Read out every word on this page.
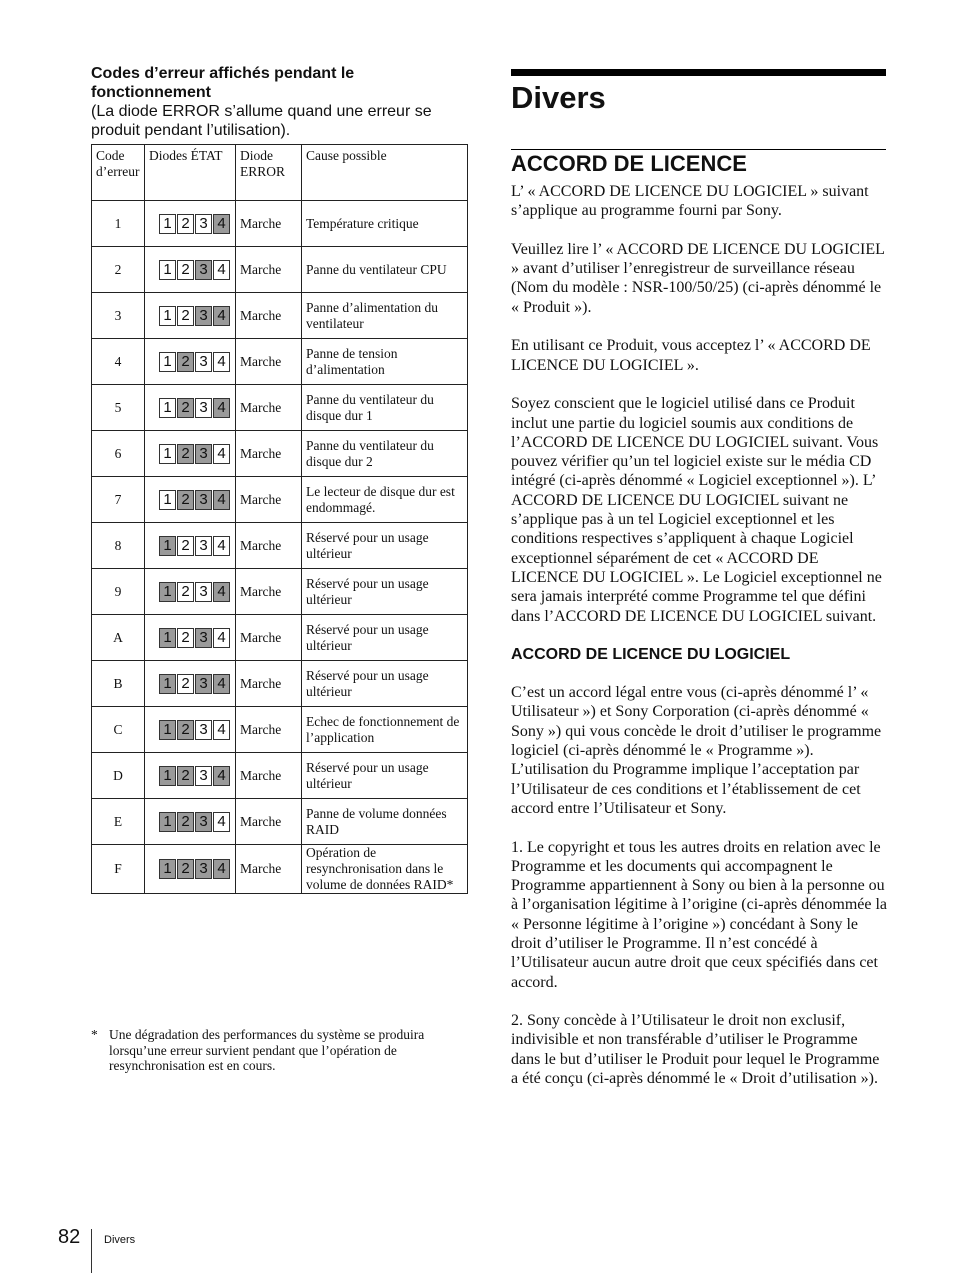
Codes d’erreur affichés pendant le fonctionnement

(La diode ERROR s’allume quand une erreur se produit pendant l’utilisation).

Code d’erreur	Diodes ÉTAT	Diode ERROR	Cause possible
1	1 2 3 4	Marche	Température critique
2	1 2 3 4	Marche	Panne du ventilateur CPU
3	1 2 3 4	Marche	Panne d’alimentation du ventilateur
4	1 2 3 4	Marche	Panne de tension d’alimentation
5	1 2 3 4	Marche	Panne du ventilateur du disque dur 1
6	1 2 3 4	Marche	Panne du ventilateur du disque dur 2
7	1 2 3 4	Marche	Le lecteur de disque dur est endommagé.
8	1 2 3 4	Marche	Réservé pour un usage ultérieur
9	1 2 3 4	Marche	Réservé pour un usage ultérieur
A	1 2 3 4	Marche	Réservé pour un usage ultérieur
B	1 2 3 4	Marche	Réservé pour un usage ultérieur
C	1 2 3 4	Marche	Echec de fonctionnement de l’application
D	1 2 3 4	Marche	Réservé pour un usage ultérieur
E	1 2 3 4	Marche	Panne de volume données RAID
F	1 2 3 4	Marche	Opération de resynchronisation dans le volume de données RAID*
* Une dégradation des performances du système se produira lorsqu’une erreur survient pendant que l’opération de resynchronisation est en cours.
Divers
ACCORD DE LICENCE

L’ « ACCORD DE LICENCE DU LOGICIEL » suivant s’applique au programme fourni par Sony.

Veuillez lire l’ « ACCORD DE LICENCE DU LOGICIEL » avant d’utiliser l’enregistreur de surveillance réseau (Nom du modèle : NSR-100/50/25) (ci-après dénommé le « Produit »).

En utilisant ce Produit, vous acceptez l’ « ACCORD DE LICENCE DU LOGICIEL ».

Soyez conscient que le logiciel utilisé dans ce Produit inclut une partie du logiciel soumis aux conditions de l’ACCORD DE LICENCE DU LOGICIEL suivant. Vous pouvez vérifier qu’un tel logiciel existe sur le média CD intégré (ci-après dénommé « Logiciel exceptionnel »). L’ ACCORD DE LICENCE DU LOGICIEL suivant ne s’applique pas à un tel Logiciel exceptionnel et les conditions respectives s’appliquent à chaque Logiciel exceptionnel séparément de cet « ACCORD DE LICENCE DU LOGICIEL ». Le Logiciel exceptionnel ne sera jamais interprété comme Programme tel que défini dans l’ACCORD DE LICENCE DU LOGICIEL suivant.

ACCORD DE LICENCE DU LOGICIEL

C’est un accord légal entre vous (ci-après dénommé l’ « Utilisateur ») et Sony Corporation (ci-après dénommé « Sony ») qui vous concède le droit d’utiliser le programme logiciel (ci-après dénommé le « Programme »). L’utilisation du Programme implique l’acceptation par l’Utilisateur de ces conditions et l’établissement de cet accord entre l’Utilisateur et Sony.

1. Le copyright et tous les autres droits en relation avec le Programme et les documents qui accompagnent le Programme appartiennent à Sony ou bien à la personne ou à l’organisation légitime à l’origine (ci-après dénommée la « Personne légitime à l’origine ») concédant à Sony le droit d’utiliser le Programme. Il n’est concédé à l’Utilisateur aucun autre droit que ceux spécifiés dans cet accord.

2. Sony concède à l’Utilisateur le droit non exclusif, indivisible et non transférable d’utiliser le Programme dans le but d’utiliser le Produit pour lequel le Programme a été conçu (ci-après dénommé le « Droit d’utilisation »).

82 Divers
